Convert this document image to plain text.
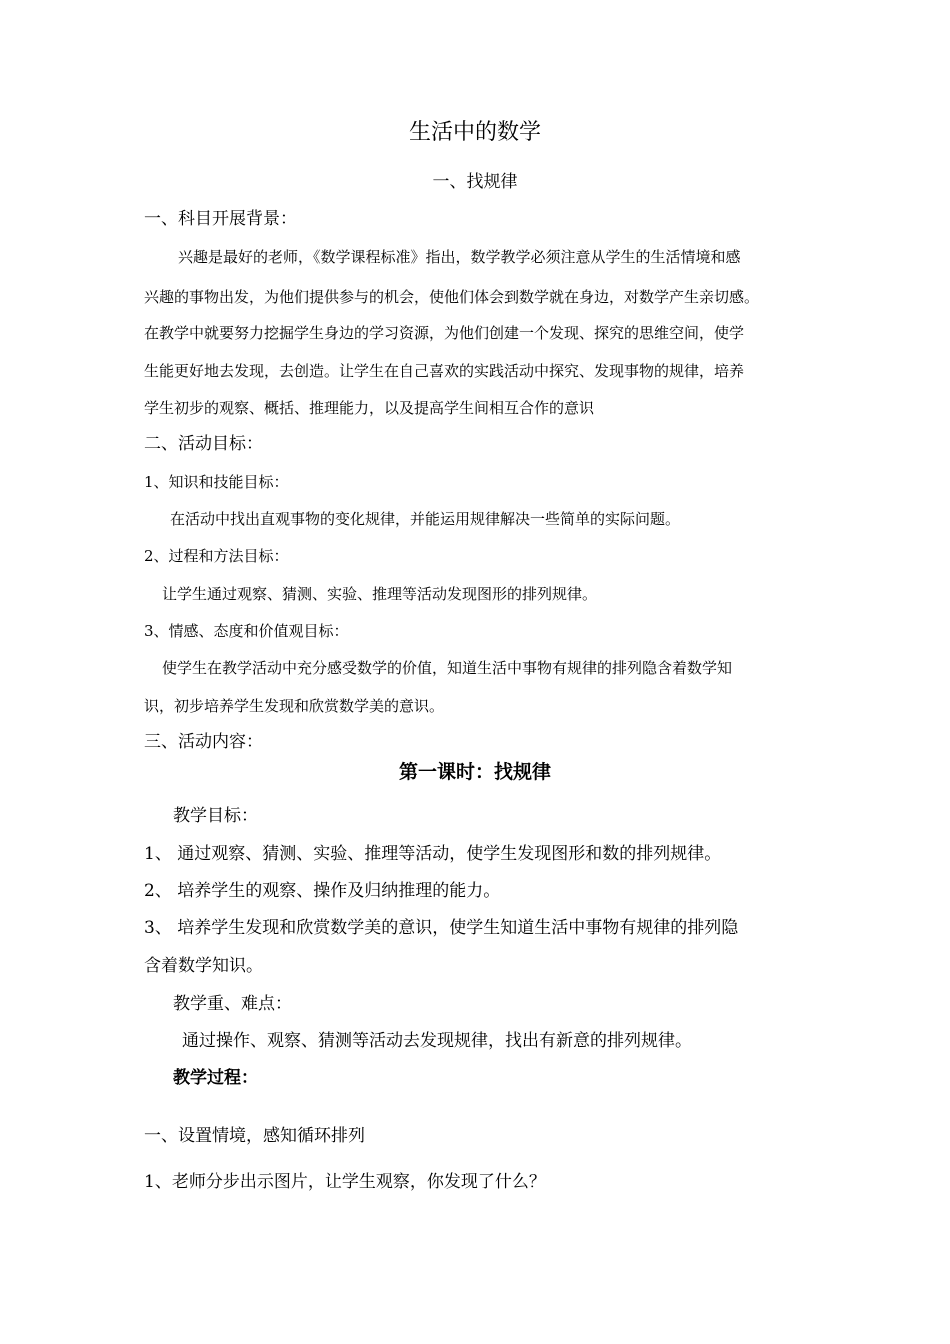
生活中的数学
一、找规律
一、科目开展背景：
兴趣是最好的老师，《数学课程标准》指出，数学教学必须注意从学生的生活情境和感
兴趣的事物出发，为他们提供参与的机会，使他们体会到数学就在身边，对数学产生亲切感。
在教学中就要努力挖掘学生身边的学习资源，为他们创建一个发现、探究的思维空间，使学
生能更好地去发现，去创造。让学生在自己喜欢的实践活动中探究、发现事物的规律，培养
学生初步的观察、概括、推理能力，以及提高学生间相互合作的意识
二、活动目标：
1、知识和技能目标：
在活动中找出直观事物的变化规律，并能运用规律解决一些简单的实际问题。
2、过程和方法目标：
让学生通过观察、猜测、实验、推理等活动发现图形的排列规律。
3、情感、态度和价值观目标：
使学生在教学活动中充分感受数学的价值，知道生活中事物有规律的排列隐含着数学知
识，初步培养学生发现和欣赏数学美的意识。
三、活动内容：
第一课时：找规律
教学目标：
1、 通过观察、猜测、实验、推理等活动，使学生发现图形和数的排列规律。
2、 培养学生的观察、操作及归纳推理的能力。
3、 培养学生发现和欣赏数学美的意识，使学生知道生活中事物有规律的排列隐
含着数学知识。
教学重、难点：
通过操作、观察、猜测等活动去发现规律，找出有新意的排列规律。
教学过程：
一、设置情境，感知循环排列
1、老师分步出示图片，让学生观察，你发现了什么？
